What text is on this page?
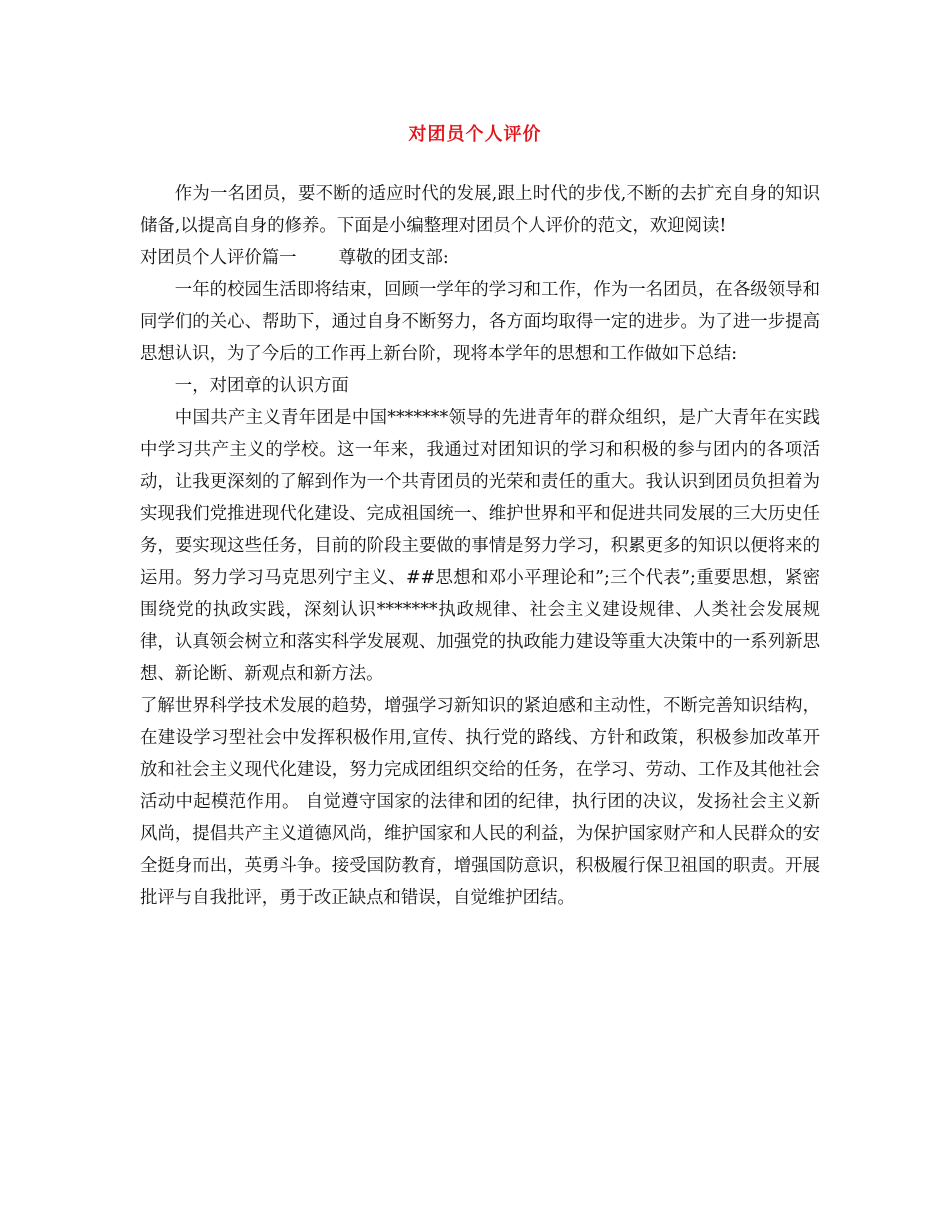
对团员个人评价

作为一名团员，要不断的适应时代的发展,跟上时代的步伐,不断的去扩充自身的知识储备,以提高自身的修养。下面是小编整理对团员个人评价的范文，欢迎阅读!

对团员个人评价篇一 尊敬的团支部:

一年的校园生活即将结束，回顾一学年的学习和工作，作为一名团员，在各级领导和同学们的关心、帮助下，通过自身不断努力，各方面均取得一定的进步。为了进一步提高思想认识，为了今后的工作再上新台阶，现将本学年的思想和工作做如下总结:

一，对团章的认识方面

中国共产主义青年团是中国*******领导的先进青年的群众组织，是广大青年在实践中学习共产主义的学校。这一年来，我通过对团知识的学习和积极的参与团内的各项活动，让我更深刻的了解到作为一个共青团员的光荣和责任的重大。我认识到团员负担着为实现我们党推进现代化建设、完成祖国统一、维护世界和平和促进共同发展的三大历史任务，要实现这些任务，目前的阶段主要做的事情是努力学习，积累更多的知识以便将来的运用。努力学习马克思列宁主义、##思想和邓小平理论和”;三个代表”;重要思想，紧密围绕党的执政实践，深刻认识*******执政规律、社会主义建设规律、人类社会发展规律，认真领会树立和落实科学发展观、加强党的执政能力建设等重大决策中的一系列新思想、新论断、新观点和新方法。

了解世界科学技术发展的趋势，增强学习新知识的紧迫感和主动性，不断完善知识结构，在建设学习型社会中发挥积极作用,宣传、执行党的路线、方针和政策，积极参加改革开放和社会主义现代化建设，努力完成团组织交给的任务，在学习、劳动、工作及其他社会活动中起模范作用。 自觉遵守国家的法律和团的纪律，执行团的决议，发扬社会主义新风尚，提倡共产主义道德风尚，维护国家和人民的利益，为保护国家财产和人民群众的安全挺身而出，英勇斗争。接受国防教育，增强国防意识，积极履行保卫祖国的职责。开展批评与自我批评，勇于改正缺点和错误，自觉维护团结。
